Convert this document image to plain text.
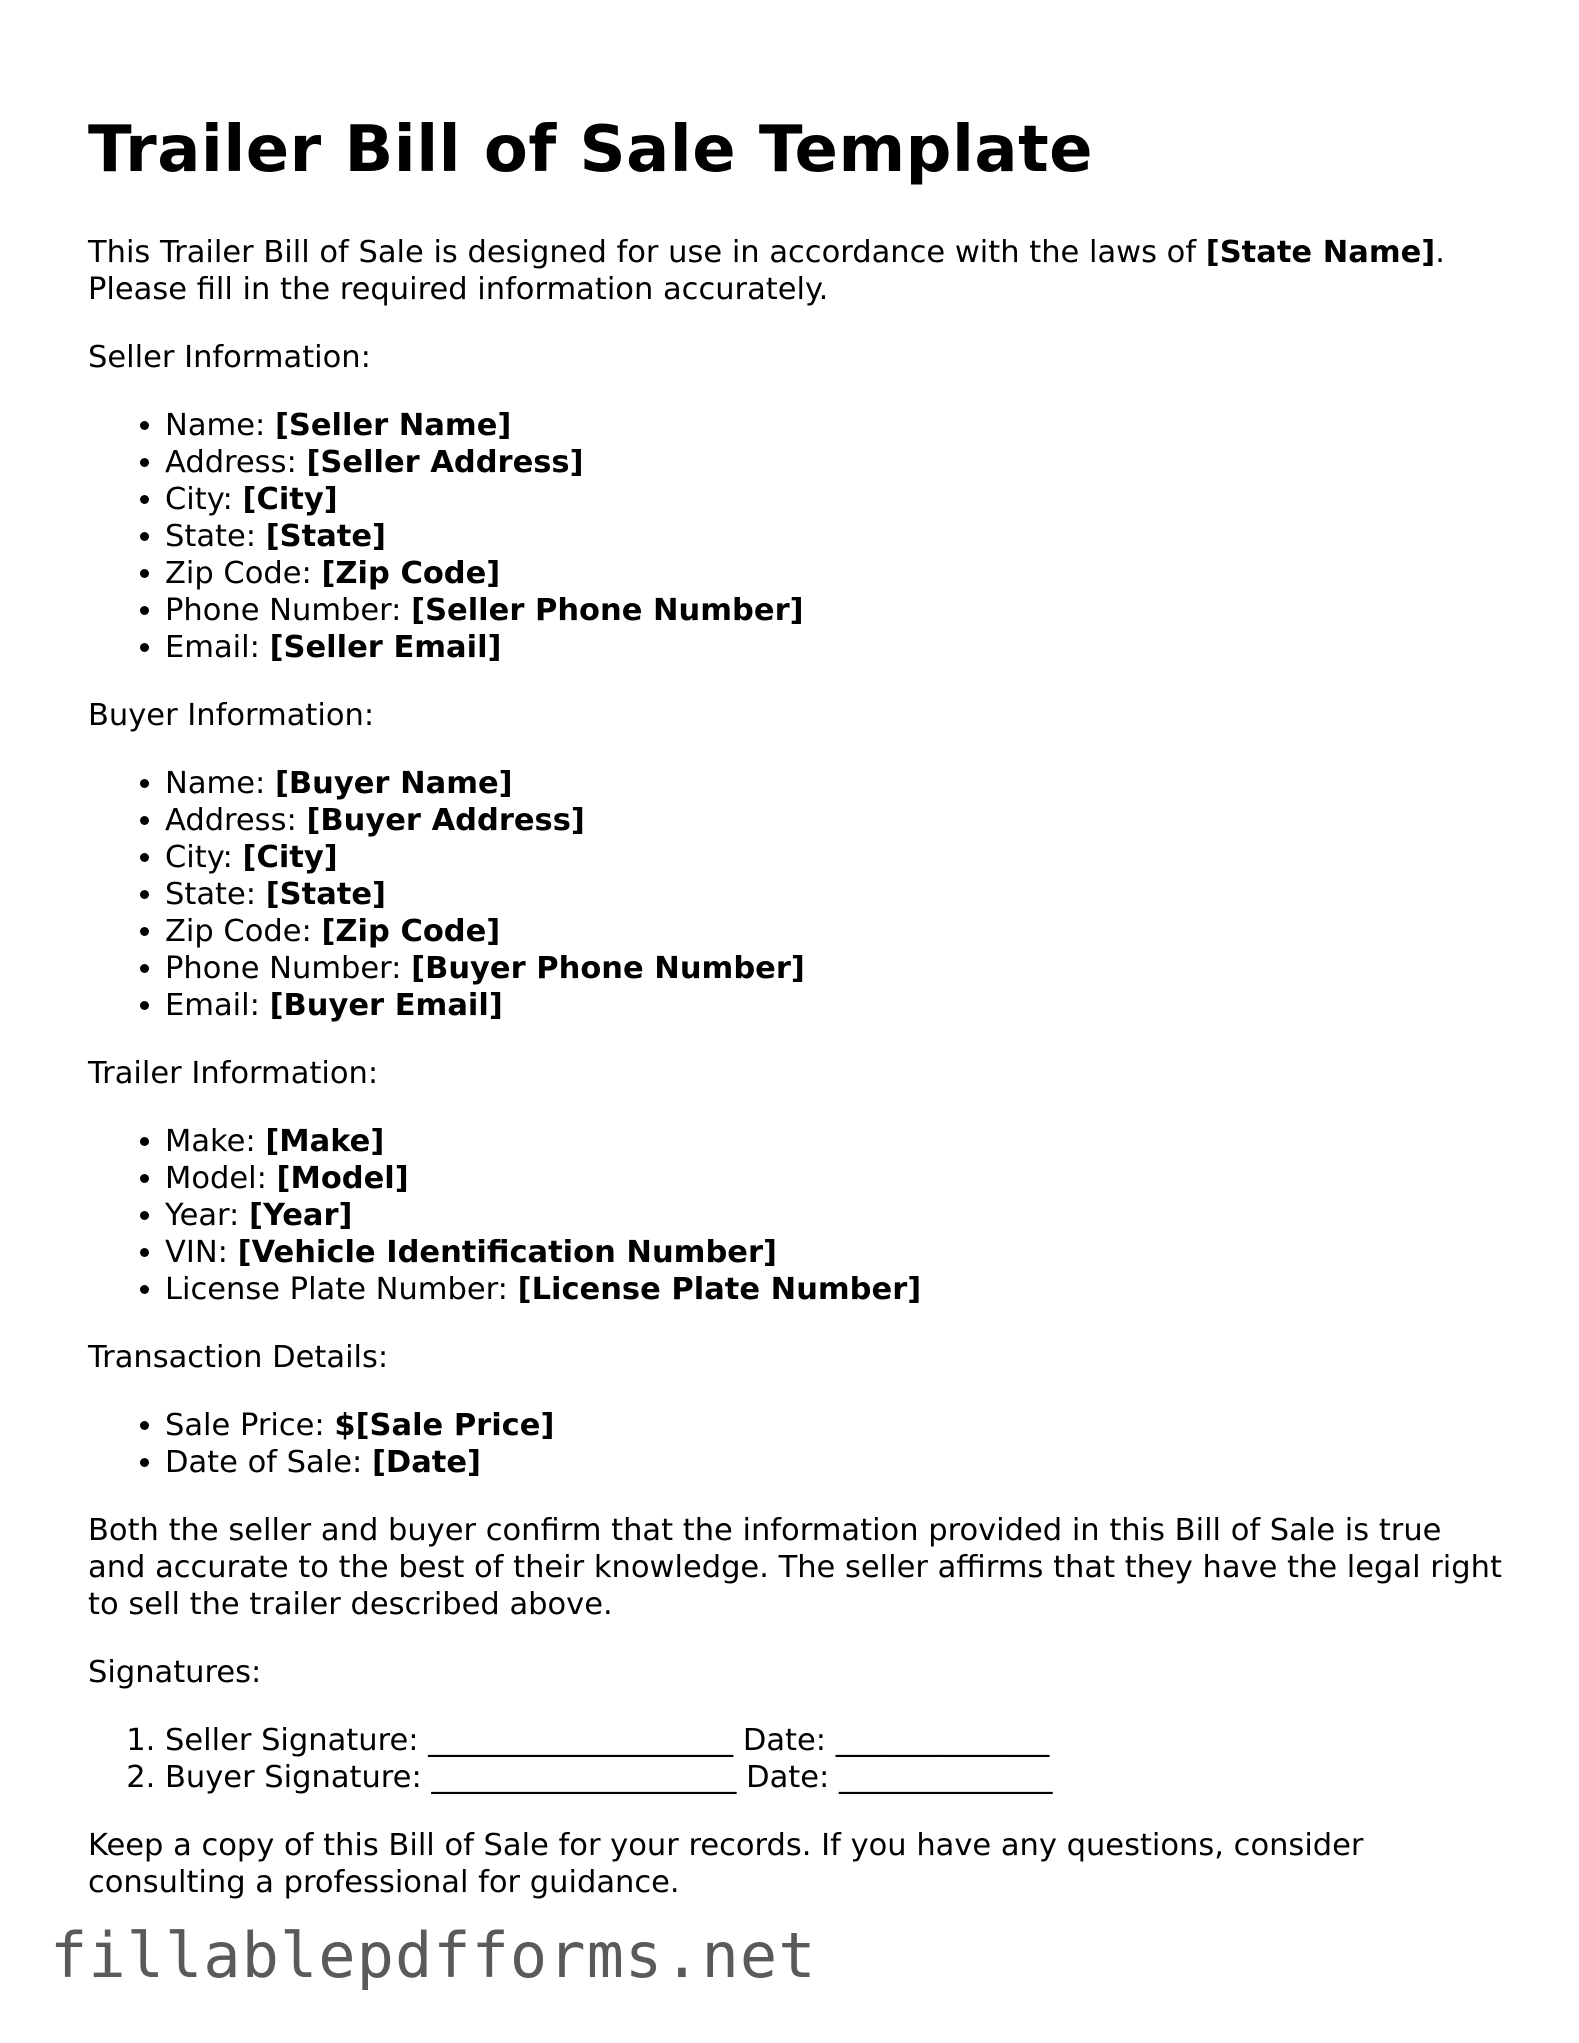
Trailer Bill of Sale Template

This Trailer Bill of Sale is designed for use in accordance with the laws of [State Name]. Please fill in the required information accurately.

Seller Information:

• Name: [Seller Name]
• Address: [Seller Address]
• City: [City]
• State: [State]
• Zip Code: [Zip Code]
• Phone Number: [Seller Phone Number]
• Email: [Seller Email]

Buyer Information:

• Name: [Buyer Name]
• Address: [Buyer Address]
• City: [City]
• State: [State]
• Zip Code: [Zip Code]
• Phone Number: [Buyer Phone Number]
• Email: [Buyer Email]

Trailer Information:

• Make: [Make]
• Model: [Model]
• Year: [Year]
• VIN: [Vehicle Identification Number]
• License Plate Number: [License Plate Number]

Transaction Details:

• Sale Price: $[Sale Price]
• Date of Sale: [Date]

Both the seller and buyer confirm that the information provided in this Bill of Sale is true and accurate to the best of their knowledge. The seller affirms that they have the legal right to sell the trailer described above.

Signatures:

1. Seller Signature: ____________________ Date: ______________
2. Buyer Signature: ____________________ Date: ______________

Keep a copy of this Bill of Sale for your records. If you have any questions, consider consulting a professional for guidance.

fillablepdfforms.net
